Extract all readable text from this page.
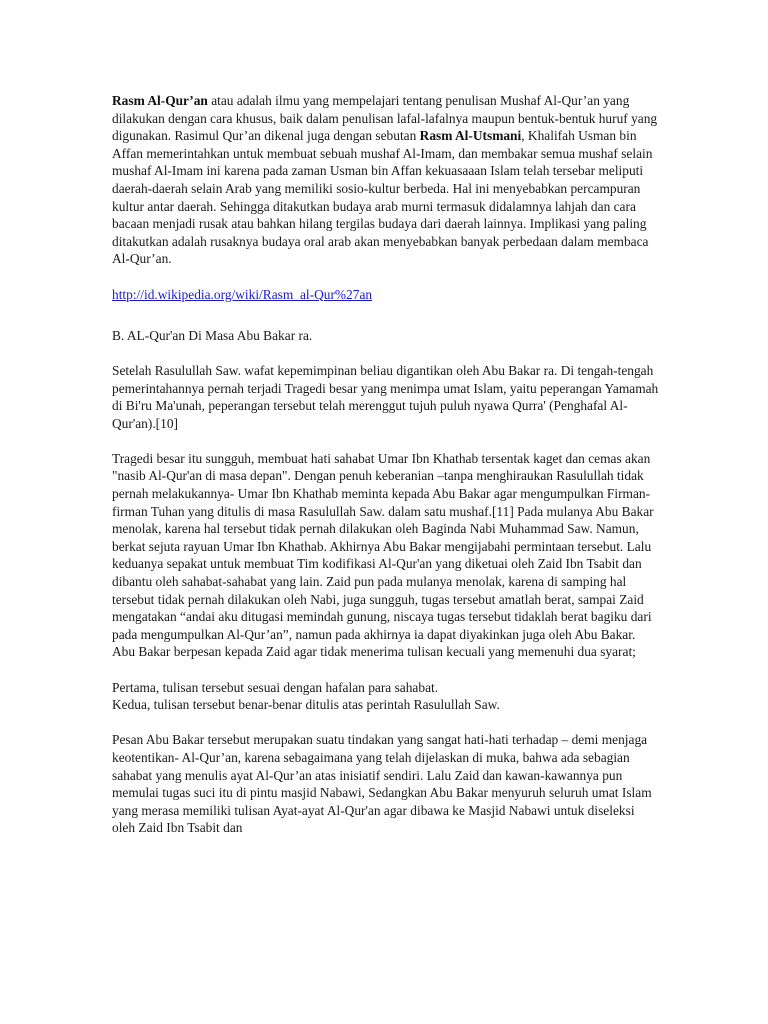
Rasm Al-Qur’an atau adalah ilmu yang mempelajari tentang penulisan Mushaf Al-Qur’an yang dilakukan dengan cara khusus, baik dalam penulisan lafal-lafalnya maupun bentuk-bentuk huruf yang digunakan. Rasimul Qur’an dikenal juga dengan sebutan Rasm Al-Utsmani, Khalifah Usman bin Affan memerintahkan untuk membuat sebuah mushaf Al-Imam, dan membakar semua mushaf selain mushaf Al-Imam ini karena pada zaman Usman bin Affan kekuasaaan Islam telah tersebar meliputi daerah-daerah selain Arab yang memiliki sosio-kultur berbeda. Hal ini menyebabkan percampuran kultur antar daerah. Sehingga ditakutkan budaya arab murni termasuk didalamnya lahjah dan cara bacaan menjadi rusak atau bahkan hilang tergilas budaya dari daerah lainnya. Implikasi yang paling ditakutkan adalah rusaknya budaya oral arab akan menyebabkan banyak perbedaan dalam membaca Al-Qur’an.

http://id.wikipedia.org/wiki/Rasm_al-Qur%27an

B. AL-Qur'an Di Masa Abu Bakar ra.

Setelah Rasulullah Saw. wafat kepemimpinan beliau digantikan oleh Abu Bakar ra. Di tengah-tengah pemerintahannya pernah terjadi Tragedi besar yang menimpa umat Islam, yaitu peperangan Yamamah di Bi'ru Ma'unah, peperangan tersebut telah merenggut tujuh puluh nyawa Qurra' (Penghafal Al-Qur'an).[10]

Tragedi besar itu sungguh, membuat hati sahabat Umar Ibn Khathab tersentak kaget dan cemas akan "nasib Al-Qur'an di masa depan". Dengan penuh keberanian –tanpa menghiraukan Rasulullah tidak pernah melakukannya- Umar Ibn Khathab meminta kepada Abu Bakar agar mengumpulkan Firman-firman Tuhan yang ditulis di masa Rasulullah Saw. dalam satu mushaf.[11] Pada mulanya Abu Bakar menolak, karena hal tersebut tidak pernah dilakukan oleh Baginda Nabi Muhammad Saw. Namun, berkat sejuta rayuan Umar Ibn Khathab. Akhirnya Abu Bakar mengijabahi permintaan tersebut. Lalu keduanya sepakat untuk membuat Tim kodifikasi Al-Qur'an yang diketuai oleh Zaid Ibn Tsabit dan dibantu oleh sahabat-sahabat yang lain. Zaid pun pada mulanya menolak, karena di samping hal tersebut tidak pernah dilakukan oleh Nabi, juga sungguh, tugas tersebut amatlah berat, sampai Zaid mengatakan “andai aku ditugasi memindah gunung, niscaya tugas tersebut tidaklah berat bagiku dari pada mengumpulkan Al-Qur’an”, namun pada akhirnya ia dapat diyakinkan juga oleh Abu Bakar. Abu Bakar berpesan kepada Zaid agar tidak menerima tulisan kecuali yang memenuhi dua syarat;

Pertama, tulisan tersebut sesuai dengan hafalan para sahabat.

Kedua, tulisan tersebut benar-benar ditulis atas perintah Rasulullah Saw.

Pesan Abu Bakar tersebut merupakan suatu tindakan yang sangat hati-hati terhadap – demi menjaga keotentikan- Al-Qur’an, karena sebagaimana yang telah dijelaskan di muka, bahwa ada sebagian sahabat yang menulis ayat Al-Qur’an atas inisiatif sendiri. Lalu Zaid dan kawan-kawannya pun memulai tugas suci itu di pintu masjid Nabawi, Sedangkan Abu Bakar menyuruh seluruh umat Islam yang merasa memiliki tulisan Ayat-ayat Al-Qur'an agar dibawa ke Masjid Nabawi untuk diseleksi oleh Zaid Ibn Tsabit dan
